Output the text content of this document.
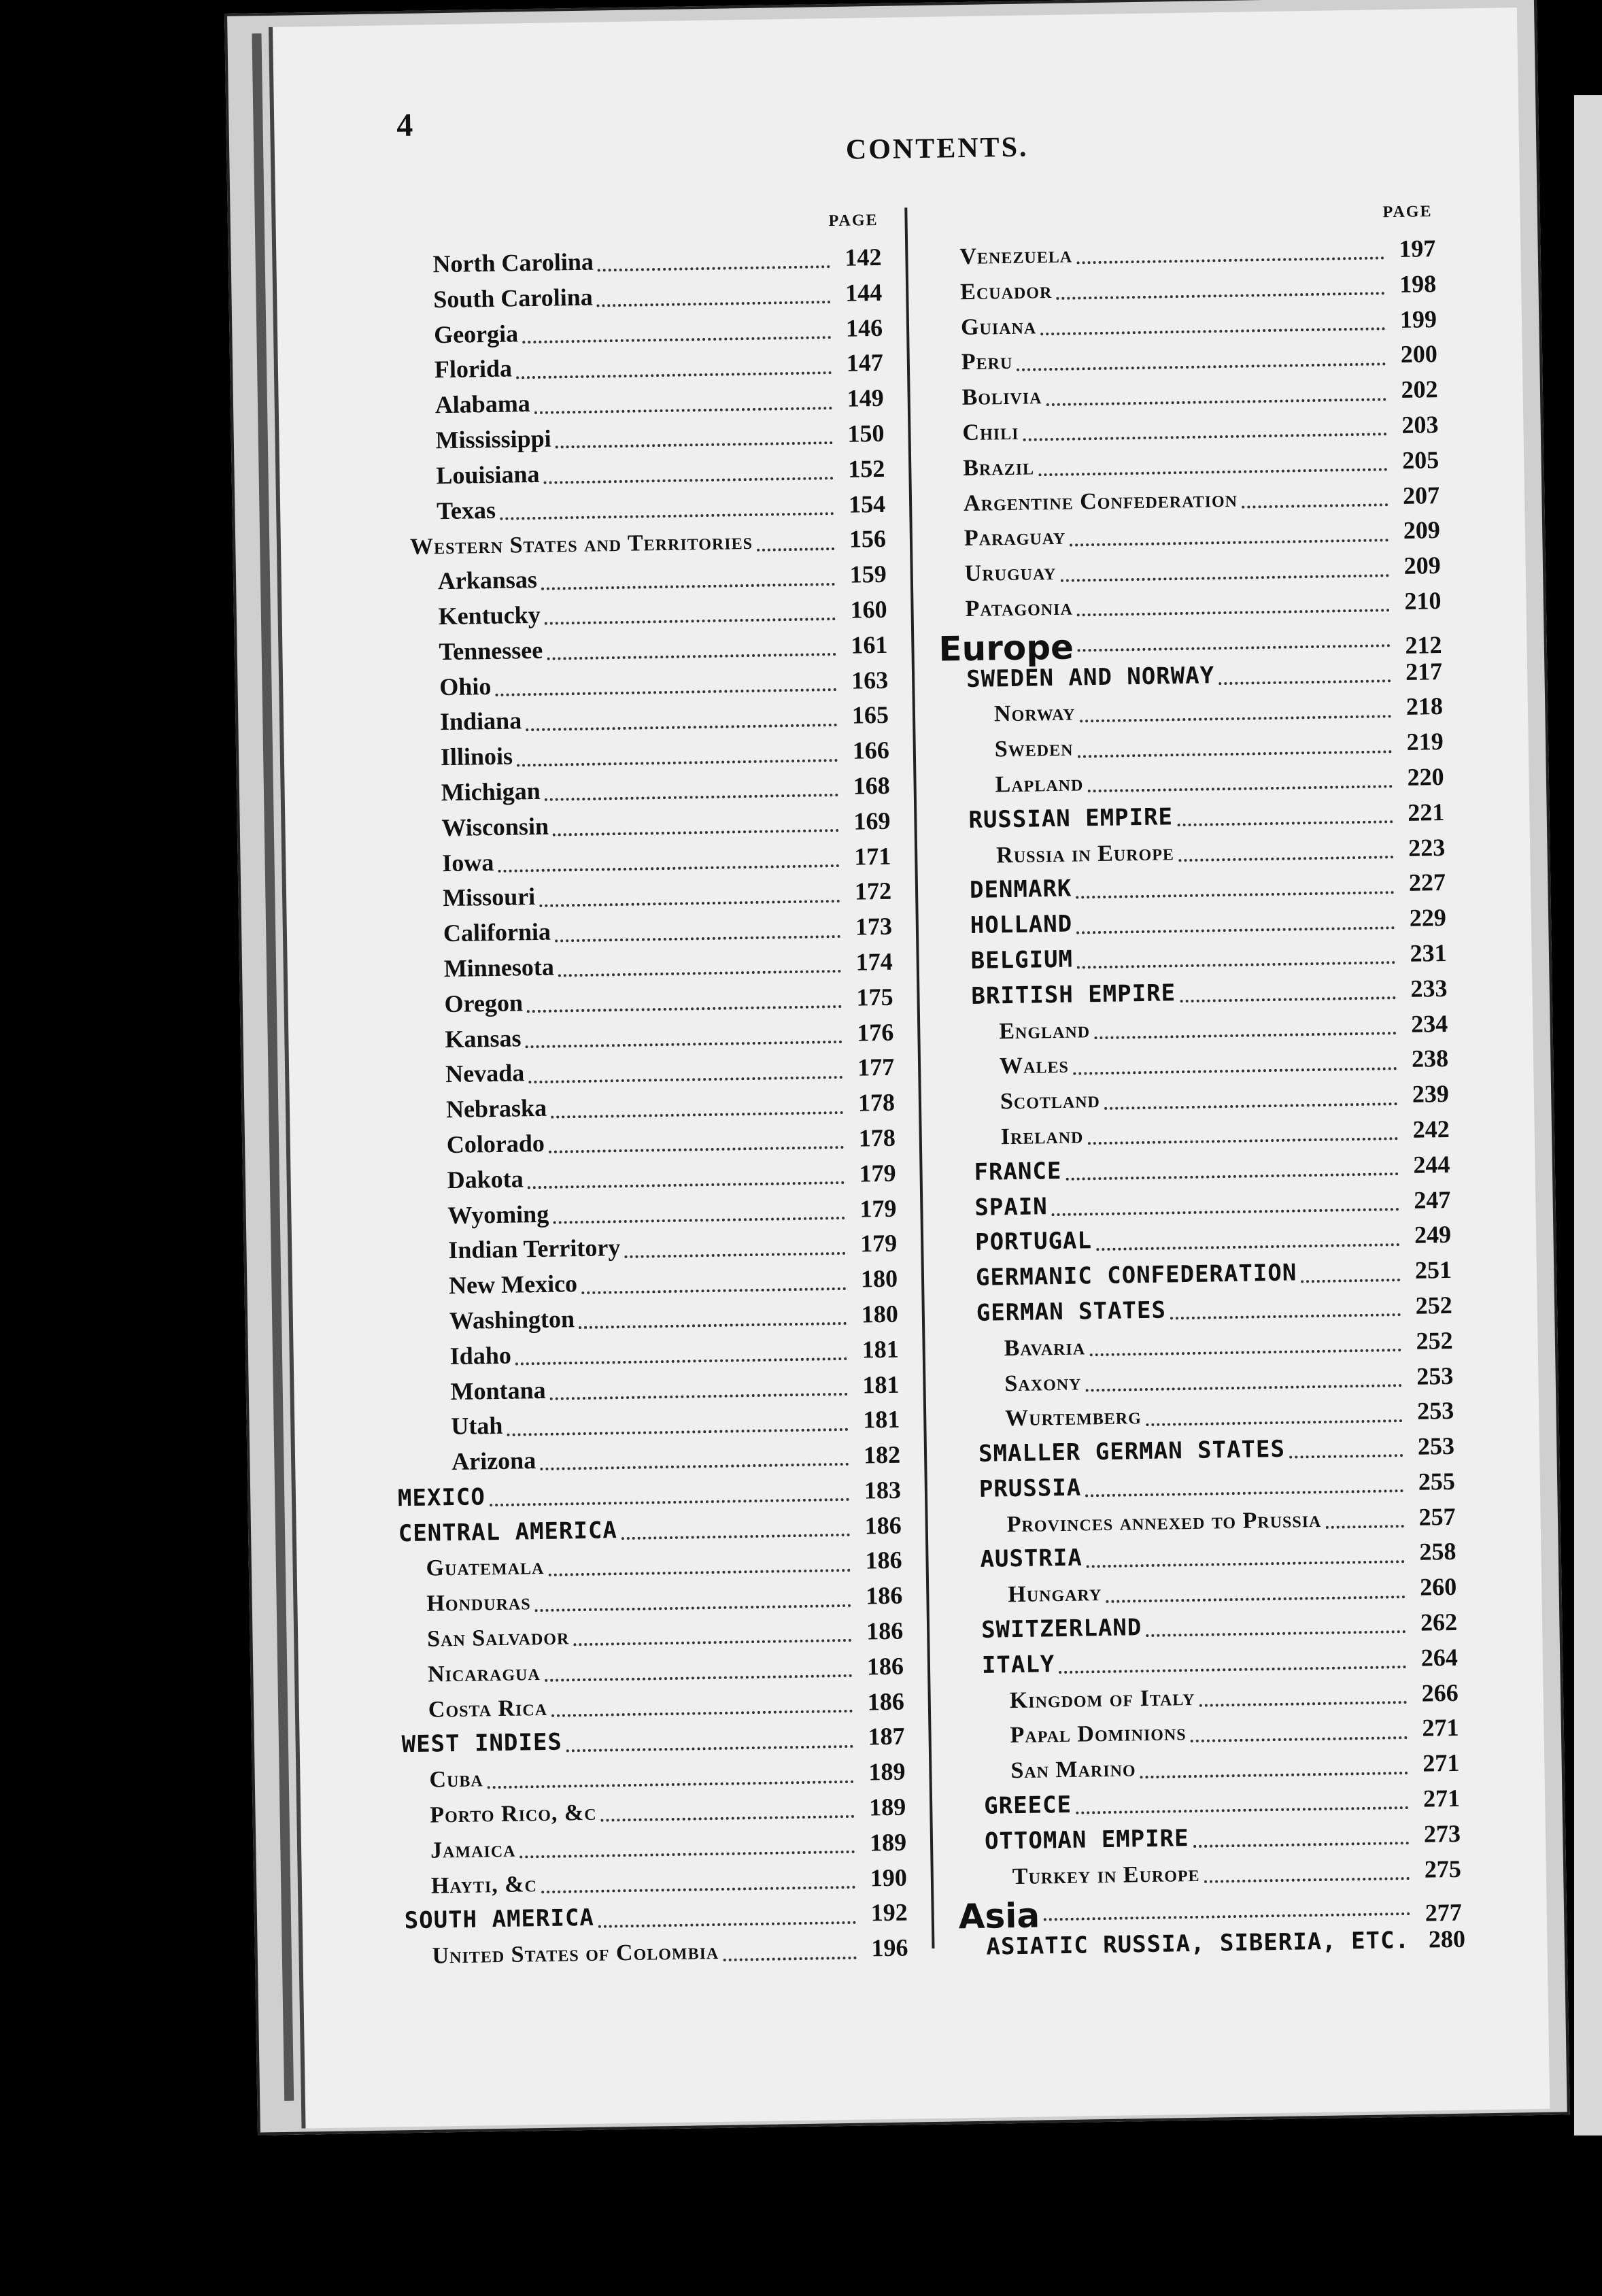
4
CONTENTS.
PAGE
North Carolina	142
South Carolina	144
Georgia	146
Florida	147
Alabama	149
Mississippi	150
Louisiana	152
Texas	154
Western States and Territories	156
Arkansas	159
Kentucky	160
Tennessee	161
Ohio	163
Indiana	165
Illinois	166
Michigan	168
Wisconsin	169
Iowa	171
Missouri	172
California	173
Minnesota	174
Oregon	175
Kansas	176
Nevada	177
Nebraska	178
Colorado	178
Dakota	179
Wyoming	179
Indian Territory	179
New Mexico	180
Washington	180
Idaho	181
Montana	181
Utah	181
Arizona	182
MEXICO	183
CENTRAL AMERICA	186
Guatemala	186
Honduras	186
San Salvador	186
Nicaragua	186
Costa Rica	186
WEST INDIES	187
Cuba	189
Porto Rico, &c	189
Jamaica	189
Hayti, &c	190
SOUTH AMERICA	192
United States of Colombia	196
PAGE
Venezuela	197
Ecuador	198
Guiana	199
Peru	200
Bolivia	202
Chili	203
Brazil	205
Argentine Confederation	207
Paraguay	209
Uruguay	209
Patagonia	210
Europe	212
SWEDEN AND NORWAY	217
Norway	218
Sweden	219
Lapland	220
RUSSIAN EMPIRE	221
Russia in Europe	223
DENMARK	227
HOLLAND	229
BELGIUM	231
BRITISH EMPIRE	233
England	234
Wales	238
Scotland	239
Ireland	242
FRANCE	244
SPAIN	247
PORTUGAL	249
GERMANIC CONFEDERATION	251
GERMAN STATES	252
Bavaria	252
Saxony	253
Wurtemberg	253
SMALLER GERMAN STATES	253
PRUSSIA	255
Provinces annexed to Prussia	257
AUSTRIA	258
Hungary	260
SWITZERLAND	262
ITALY	264
Kingdom of Italy	266
Papal Dominions	271
San Marino	271
GREECE	271
OTTOMAN EMPIRE	273
Turkey in Europe	275
Asia	277
ASIATIC RUSSIA, SIBERIA, ETC. 280
